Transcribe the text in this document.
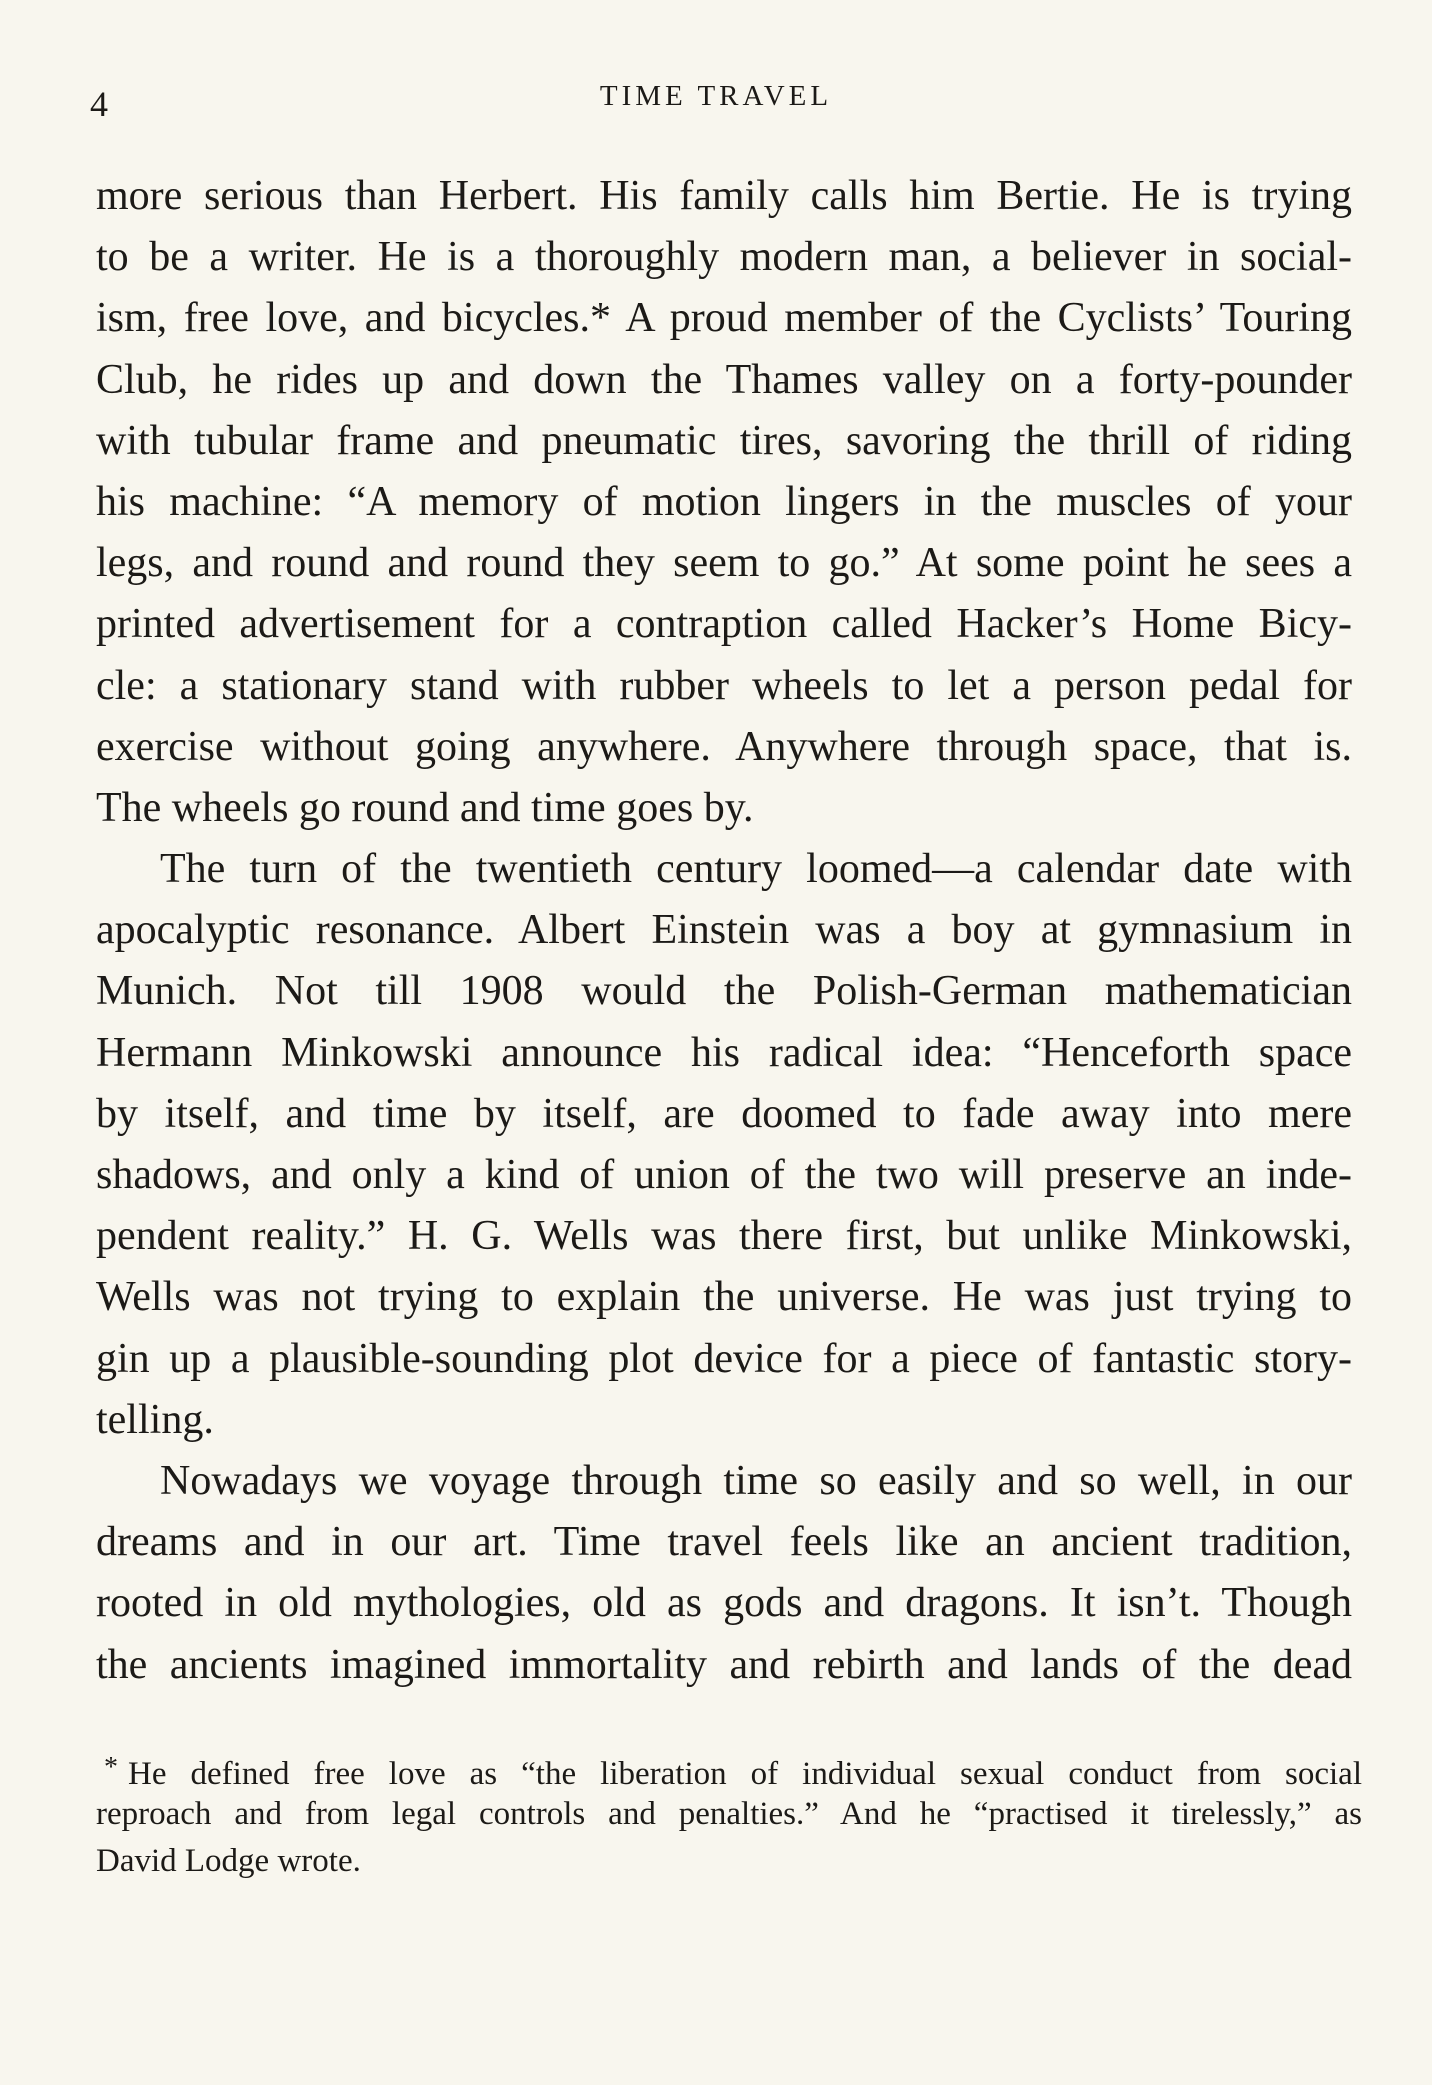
4	TIME TRAVEL
more serious than Herbert. His family calls him Bertie. He is trying
to be a writer. He is a thoroughly modern man, a believer in social-
ism, free love, and bicycles.* A proud member of the Cyclists’ Touring
Club, he rides up and down the Thames valley on a forty-pounder
with tubular frame and pneumatic tires, savoring the thrill of riding
his machine: “A memory of motion lingers in the muscles of your
legs, and round and round they seem to go.” At some point he sees a
printed advertisement for a contraption called Hacker’s Home Bicy-
cle: a stationary stand with rubber wheels to let a person pedal for
exercise without going anywhere. Anywhere through space, that is.
The wheels go round and time goes by.
The turn of the twentieth century loomed—a calendar date with
apocalyptic resonance. Albert Einstein was a boy at gymnasium in
Munich. Not till 1908 would the Polish-German mathematician
Hermann Minkowski announce his radical idea: “Henceforth space
by itself, and time by itself, are doomed to fade away into mere
shadows, and only a kind of union of the two will preserve an inde-
pendent reality.” H. G. Wells was there first, but unlike Minkowski,
Wells was not trying to explain the universe. He was just trying to
gin up a plausible-sounding plot device for a piece of fantastic story-
telling.
Nowadays we voyage through time so easily and so well, in our
dreams and in our art. Time travel feels like an ancient tradition,
rooted in old mythologies, old as gods and dragons. It isn’t. Though
the ancients imagined immortality and rebirth and lands of the dead
* He defined free love as “the liberation of individual sexual conduct from social
reproach and from legal controls and penalties.” And he “practised it tirelessly,” as
David Lodge wrote.
